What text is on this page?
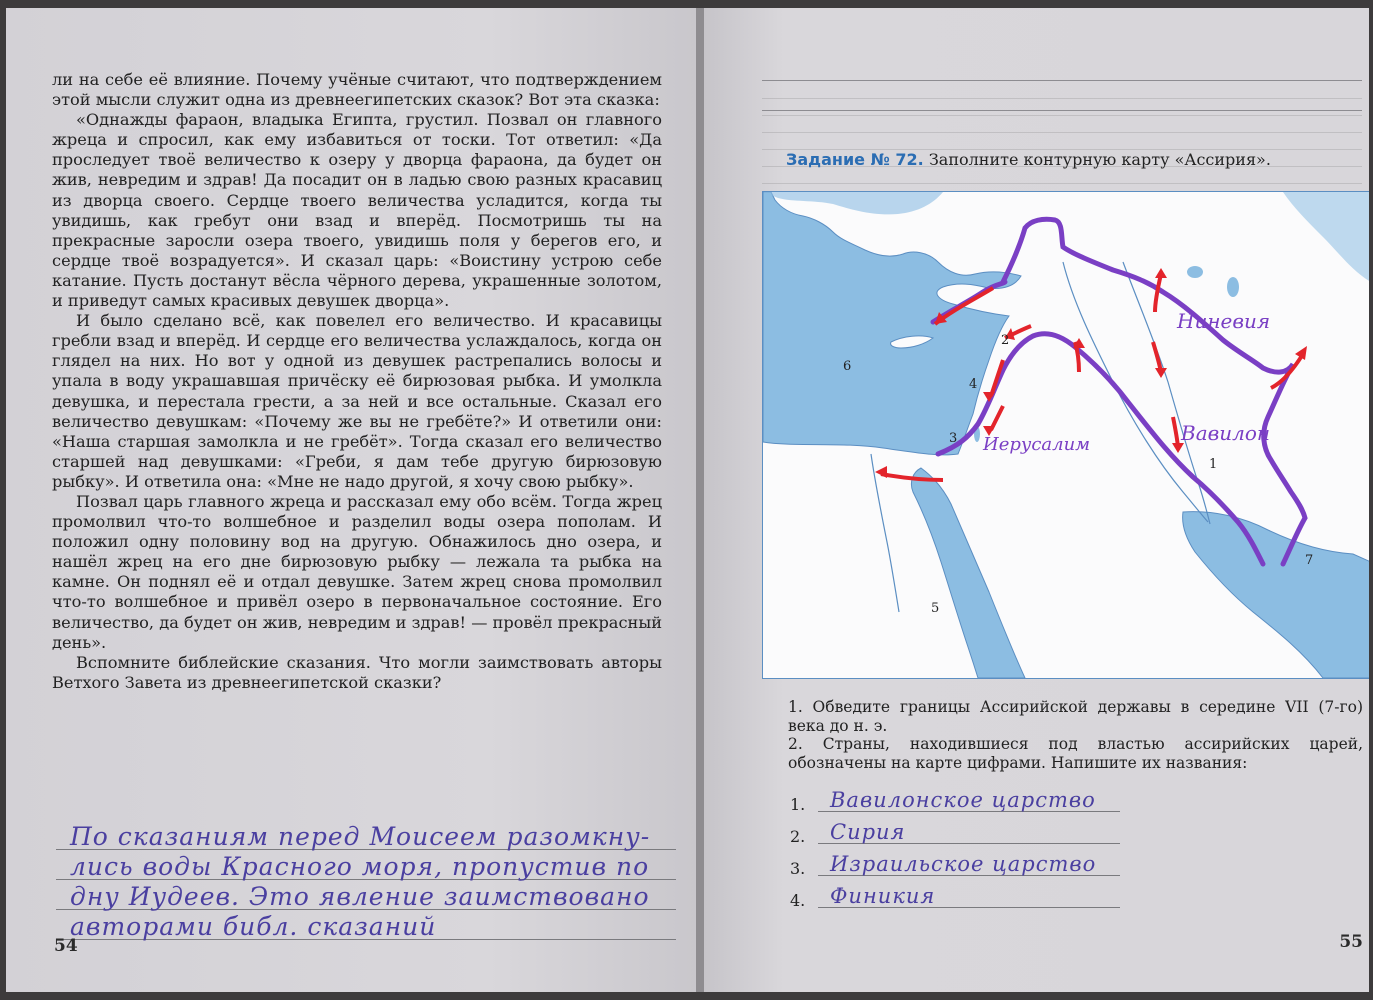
ли на себе её влияние. Почему учёные считают, что подтверждением этой мысли служит одна из древнеегипетских сказок? Вот эта сказка:

«Однажды фараон, владыка Египта, грустил. Позвал он главного жреца и спросил, как ему избавиться от тоски. Тот ответил: «Да проследует твоё величество к озеру у дворца фараона, да будет он жив, невредим и здрав! Да посадит он в ладью свою разных красавиц из дворца своего. Сердце твоего величества усладится, когда ты увидишь, как гребут они взад и вперёд. Посмотришь ты на прекрасные заросли озера твоего, увидишь поля у берегов его, и сердце твоё возрадуется». И сказал царь: «Воистину устрою себе катание. Пусть достанут вёсла чёрного дерева, украшенные золотом, и приведут самых красивых девушек дворца».

И было сделано всё, как повелел его величество. И красавицы гребли взад и вперёд. И сердце его величества услаждалось, когда он глядел на них. Но вот у одной из девушек растрепались волосы и упала в воду украшавшая причёску её бирюзовая рыбка. И умолкла девушка, и перестала грести, а за ней и все остальные. Сказал его величество девушкам: «Почему же вы не гребёте?» И ответили они: «Наша старшая замолкла и не гребёт». Тогда сказал его величество старшей над девушками: «Греби, я дам тебе другую бирюзовую рыбку». И ответила она: «Мне не надо другой, я хочу свою рыбку».

Позвал царь главного жреца и рассказал ему обо всём. Тогда жрец промолвил что-то волшебное и разделил воды озера пополам. И положил одну половину вод на другую. Обнажилось дно озера, и нашёл жрец на его дне бирюзовую рыбку — лежала та рыбка на камне. Он поднял её и отдал девушке. Затем жрец снова промолвил что-то волшебное и привёл озеро в первоначальное состояние. Его величество, да будет он жив, невредим и здрав! — провёл прекрасный день».

Вспомните библейские сказания. Что могли заимствовать авторы Ветхого Завета из древнеегипетской сказки?

По сказаниям перед Моисеем разомкну-
лись воды Красного моря, пропустив по
дну Иудеев. Это явление заимствовано
авторами библ. сказаний
54
Задание № 72. Заполните контурную карту «Ассирия».
1
2
3
4
5
6
7
Ниневия
Вавилон
Иерусалим

1. Обведите границы Ассирийской державы в середине VII (7-го) века до н. э.

2. Страны, находившиеся под властью ассирийских царей, обозначены на карте цифрами. Напишите их названия:

1. Вавилонское царство
2. Сирия
3. Израильское царство
4. Финикия
55
